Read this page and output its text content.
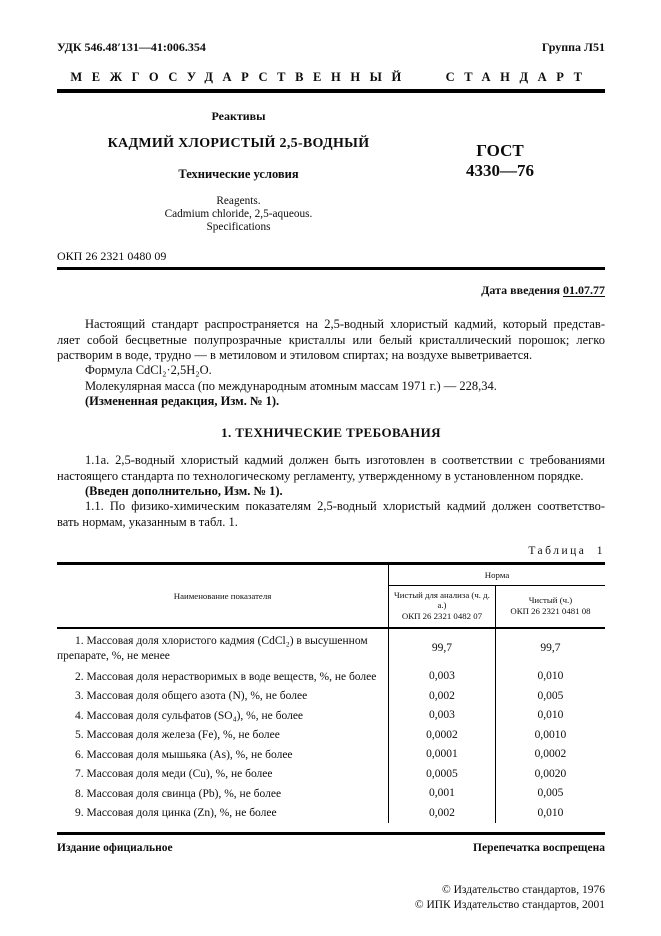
УДК 546.48′131—41:006.354	Группа Л51
МЕЖГОСУДАРСТВЕННЫЙ СТАНДАРТ
Реактивы
КАДМИЙ ХЛОРИСТЫЙ 2,5-ВОДНЫЙ
Технические условия
Reagents.
Cadmium chloride, 2,5-aqueous.
Specifications
ГОСТ
4330—76
ОКП 26 2321 0480 09
Дата введения 01.07.77
Настоящий стандарт распространяется на 2,5-водный хлористый кадмий, который представ-
ляет собой бесцветные полупрозрачные кристаллы или белый кристаллический порошок; легко
растворим в воде, трудно — в метиловом и этиловом спиртах; на воздухе выветривается.
Формула CdCl₂·2,5H₂O.
Молекулярная масса (по международным атомным массам 1971 г.) — 228,34.
(Измененная редакция, Изм. № 1).
1. ТЕХНИЧЕСКИЕ ТРЕБОВАНИЯ
1.1а. 2,5-водный хлористый кадмий должен быть изготовлен в соответствии с требованиями
настоящего стандарта по технологическому регламенту, утвержденному в установленном порядке.
(Введен дополнительно, Изм. № 1).
1.1. По физико-химическим показателям 2,5-водный хлористый кадмий должен соответство-
вать нормам, указанным в табл. 1.
Таблица 1
Наименование показателя	Норма	

Чистый для анализа (ч. д. а.)
ОКП 26 2321 0482 07

Чистый (ч.)
ОКП 26 2321 0481 08

1. Массовая доля хлористого кадмия (CdCl₂) в высушенном препарате, %, не менее	99,7	99,7
2. Массовая доля нерастворимых в воде веществ, %, не более	0,003	0,010
3. Массовая доля общего азота (N), %, не более	0,002	0,005
4. Массовая доля сульфатов (SO₄), %, не более	0,003	0,010
5. Массовая доля железа (Fe), %, не более	0,0002	0,0010
6. Массовая доля мышьяка (As), %, не более	0,0001	0,0002
7. Массовая доля меди (Cu), %, не более	0,0005	0,0020
8. Массовая доля свинца (Pb), %, не более	0,001	0,005
9. Массовая доля цинка (Zn), %, не более	0,002	0,010
Издание официальное	Перепечатка воспрещена
© Издательство стандартов, 1976
© ИПК Издательство стандартов, 2001
